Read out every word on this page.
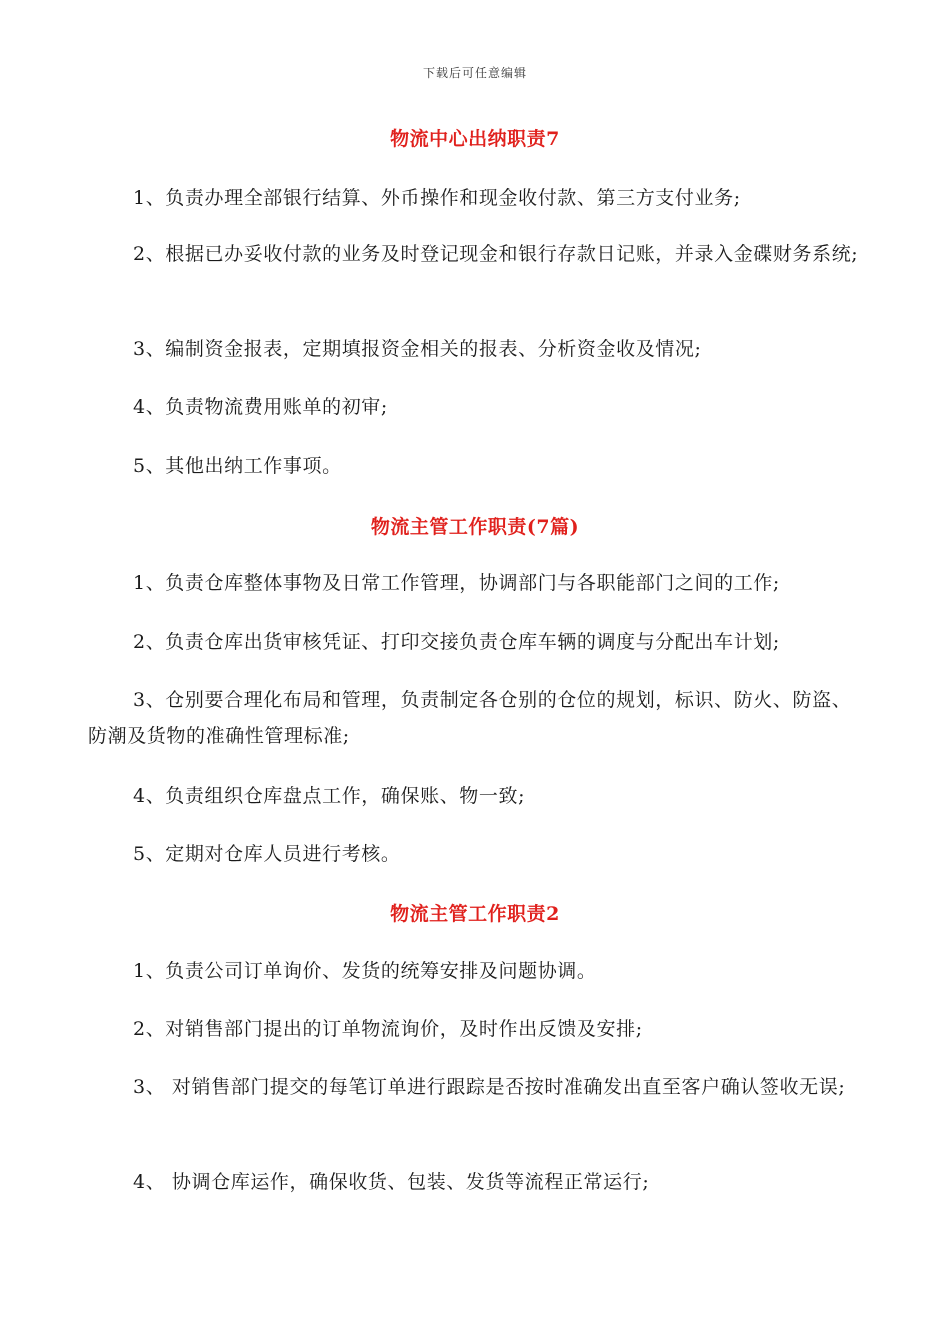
下载后可任意编辑
物流中心出纳职责7
1、负责办理全部银行结算、外币操作和现金收付款、第三方支付业务;
2、根据已办妥收付款的业务及时登记现金和银行存款日记账，并录入金碟财务系统;
3、编制资金报表，定期填报资金相关的报表、分析资金收及情况;
4、负责物流费用账单的初审;
5、其他出纳工作事项。
物流主管工作职责(7篇)
1、负责仓库整体事物及日常工作管理，协调部门与各职能部门之间的工作;
2、负责仓库出货审核凭证、打印交接负责仓库车辆的调度与分配出车计划;
3、仓别要合理化布局和管理，负责制定各仓别的仓位的规划，标识、防火、防盗、防潮及货物的准确性管理标准;
4、负责组织仓库盘点工作，确保账、物一致;
5、定期对仓库人员进行考核。
物流主管工作职责2
1、负责公司订单询价、发货的统筹安排及问题协调。
2、对销售部门提出的订单物流询价，及时作出反馈及安排;
3、 对销售部门提交的每笔订单进行跟踪是否按时准确发出直至客户确认签收无误;
4、 协调仓库运作，确保收货、包装、发货等流程正常运行;
